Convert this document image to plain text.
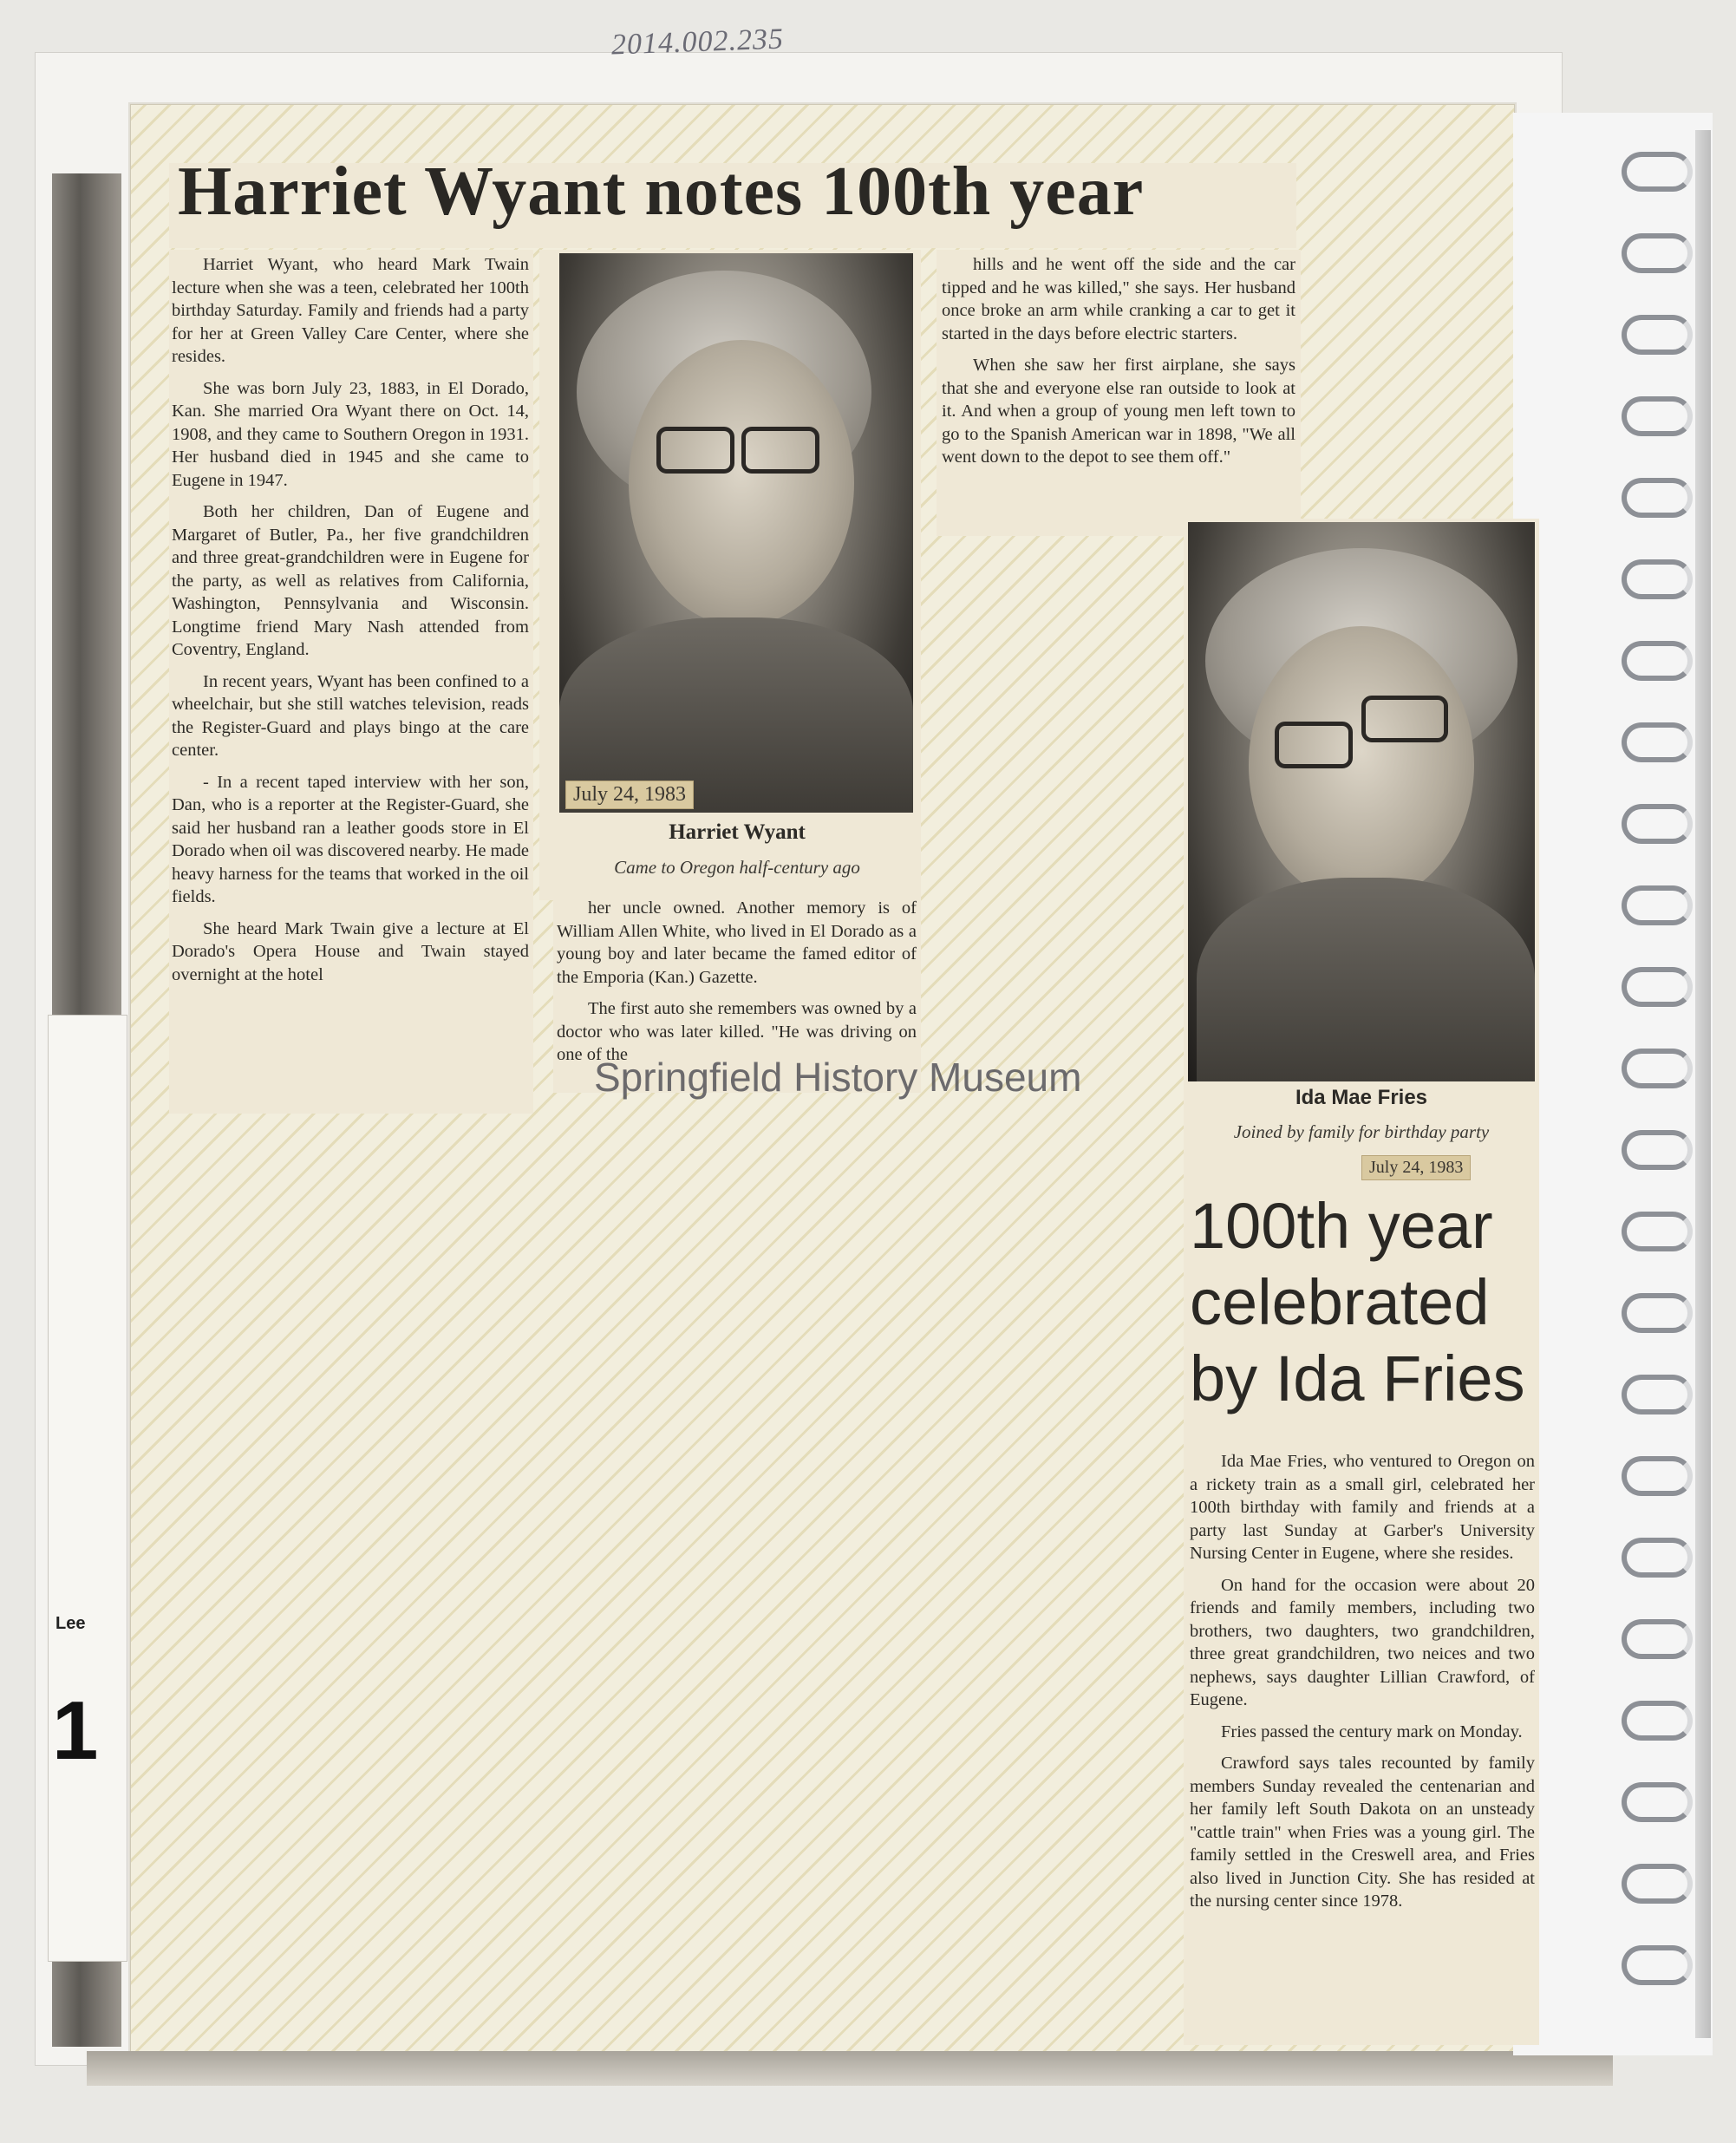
Lee
1
2014.002.235
Harriet Wyant notes 100th year

Harriet Wyant, who heard Mark Twain lecture when she was a teen, celebrated her 100th birthday Saturday. Family and friends had a party for her at Green Valley Care Center, where she resides.

She was born July 23, 1883, in El Dorado, Kan. She married Ora Wyant there on Oct. 14, 1908, and they came to Southern Oregon in 1931. Her husband died in 1945 and she came to Eugene in 1947.

Both her children, Dan of Eugene and Margaret of Butler, Pa., her five grandchildren and three great-grandchildren were in Eugene for the party, as well as relatives from California, Washington, Pennsylvania and Wisconsin. Longtime friend Mary Nash attended from Coventry, England.

In recent years, Wyant has been confined to a wheelchair, but she still watches television, reads the Register-Guard and plays bingo at the care center.

- In a recent taped interview with her son, Dan, who is a reporter at the Register-Guard, she said her husband ran a leather goods store in El Dorado when oil was discovered nearby. He made heavy harness for the teams that worked in the oil fields.

She heard Mark Twain give a lecture at El Dorado's Opera House and Twain stayed overnight at the hotel

July 24, 1983
Harriet Wyant
Came to Oregon half-century ago

her uncle owned. Another memory is of William Allen White, who lived in El Dorado as a young boy and later became the famed editor of the Emporia (Kan.) Gazette.

The first auto she remembers was owned by a doctor who was later killed. "He was driving on one of the

hills and he went off the side and the car tipped and he was killed," she says. Her husband once broke an arm while cranking a car to get it started in the days before electric starters.

When she saw her first airplane, she says that she and everyone else ran outside to look at it. And when a group of young men left town to go to the Spanish American war in 1898, "We all went down to the depot to see them off."

Ida Mae Fries
Joined by family for birthday party
July 24, 1983
100th year celebrated by Ida Fries

Ida Mae Fries, who ventured to Oregon on a rickety train as a small girl, celebrated her 100th birthday with family and friends at a party last Sunday at Garber's University Nursing Center in Eugene, where she resides.

On hand for the occasion were about 20 friends and family members, including two brothers, two daughters, two grandchildren, three great grandchildren, two neices and two nephews, says daughter Lillian Crawford, of Eugene.

Fries passed the century mark on Monday.

Crawford says tales recounted by family members Sunday revealed the centenarian and her family left South Dakota on an unsteady "cattle train" when Fries was a young girl. The family settled in the Creswell area, and Fries also lived in Junction City. She has resided at the nursing center since 1978.

Springfield History Museum
